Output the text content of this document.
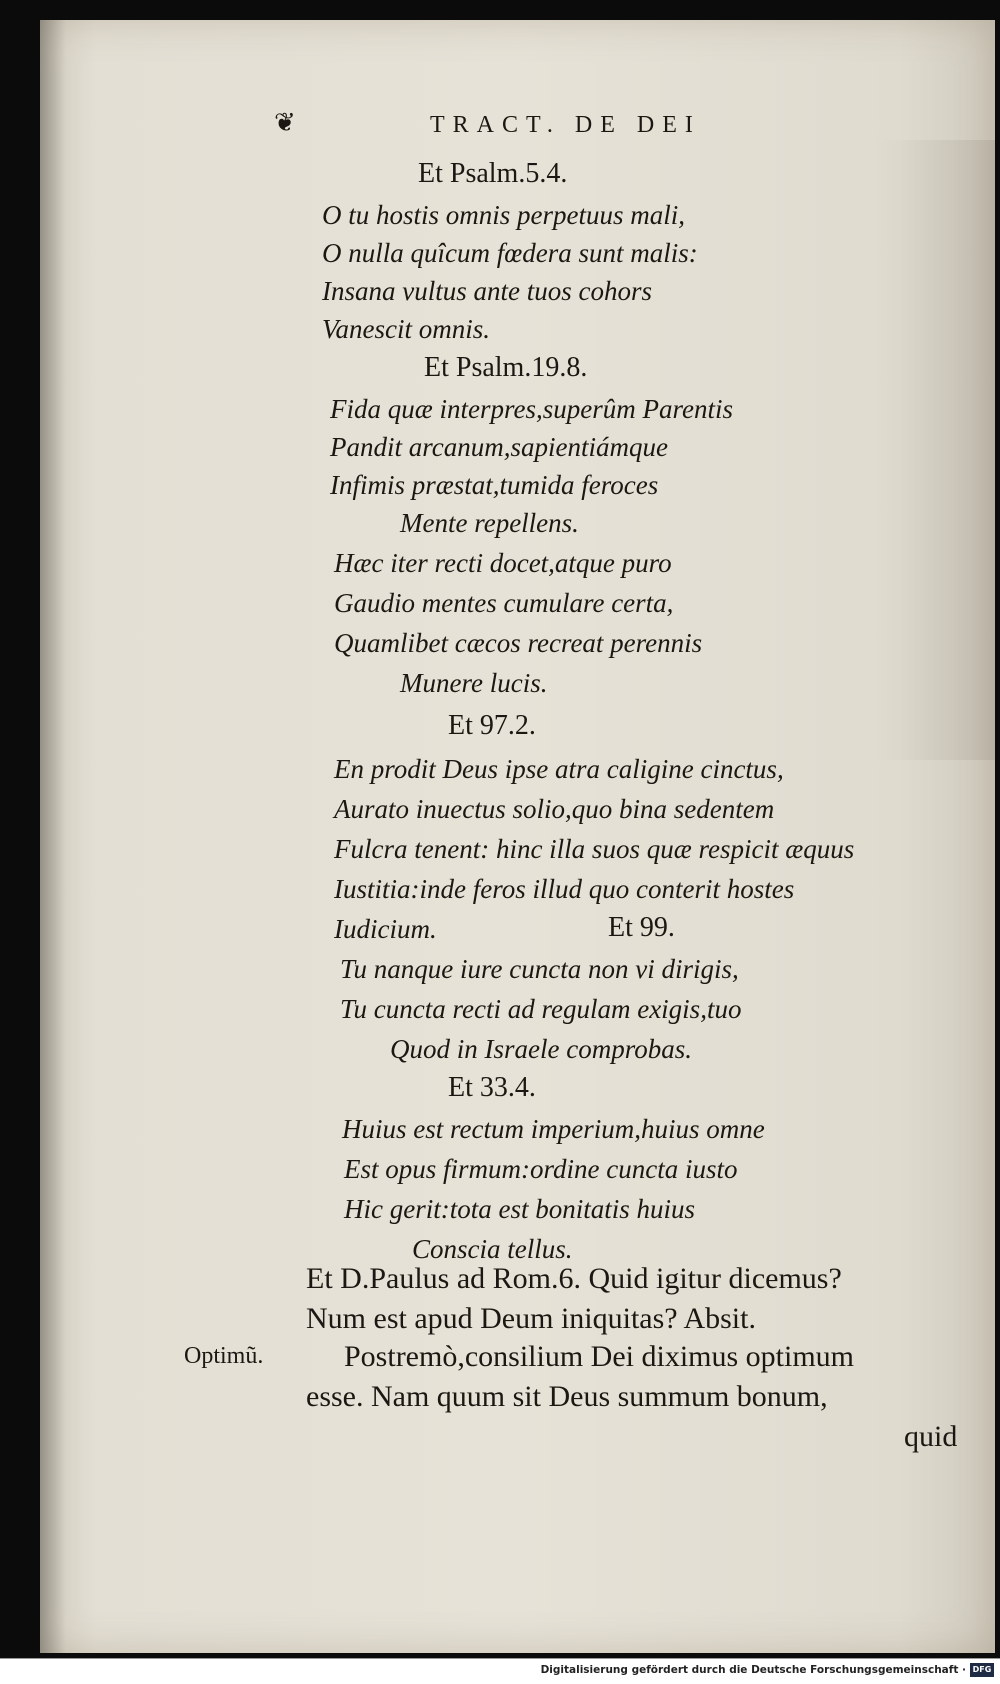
❦	TRACT. DE DEI
Et Psalm.5.4.
O tu hostis omnis perpetuus mali,
O nulla quîcum fœdera sunt malis:
Insana vultus ante tuos cohors
Vanescit omnis.
Et Psalm.19.8.
Fida quæ interpres,superûm Parentis
Pandit arcanum,sapientiámque
Infimis præstat,tumida feroces
Mente repellens.
Hæc iter recti docet,atque puro
Gaudio mentes cumulare certa,
Quamlibet cæcos recreat perennis
Munere lucis.
Et 97.2.
En prodit Deus ipse atra caligine cinctus,
Aurato inuectus solio,quo bina sedentem
Fulcra tenent: hinc illa suos quæ respicit æquus
Iustitia:inde feros illud quo conterit hostes
Iudicium.	Et 99.
Tu nanque iure cuncta non vi dirigis,
Tu cuncta recti ad regulam exigis,tuo
Quod in Israele comprobas.
Et 33.4.
Huius est rectum imperium,huius omne
Est opus firmum:ordine cuncta iusto
Hic gerit:tota est bonitatis huius
Conscia tellus.
Et D.Paulus ad Rom.6. Quid igitur dicemus?
Num est apud Deum iniquitas? Absit.
Optimũ.	Postremò,consilium Dei diximus optimum
esse. Nam quum sit Deus summum bonum,
quid
Digitalisierung gefördert durch die Deutsche Forschungsgemeinschaft · DFG
